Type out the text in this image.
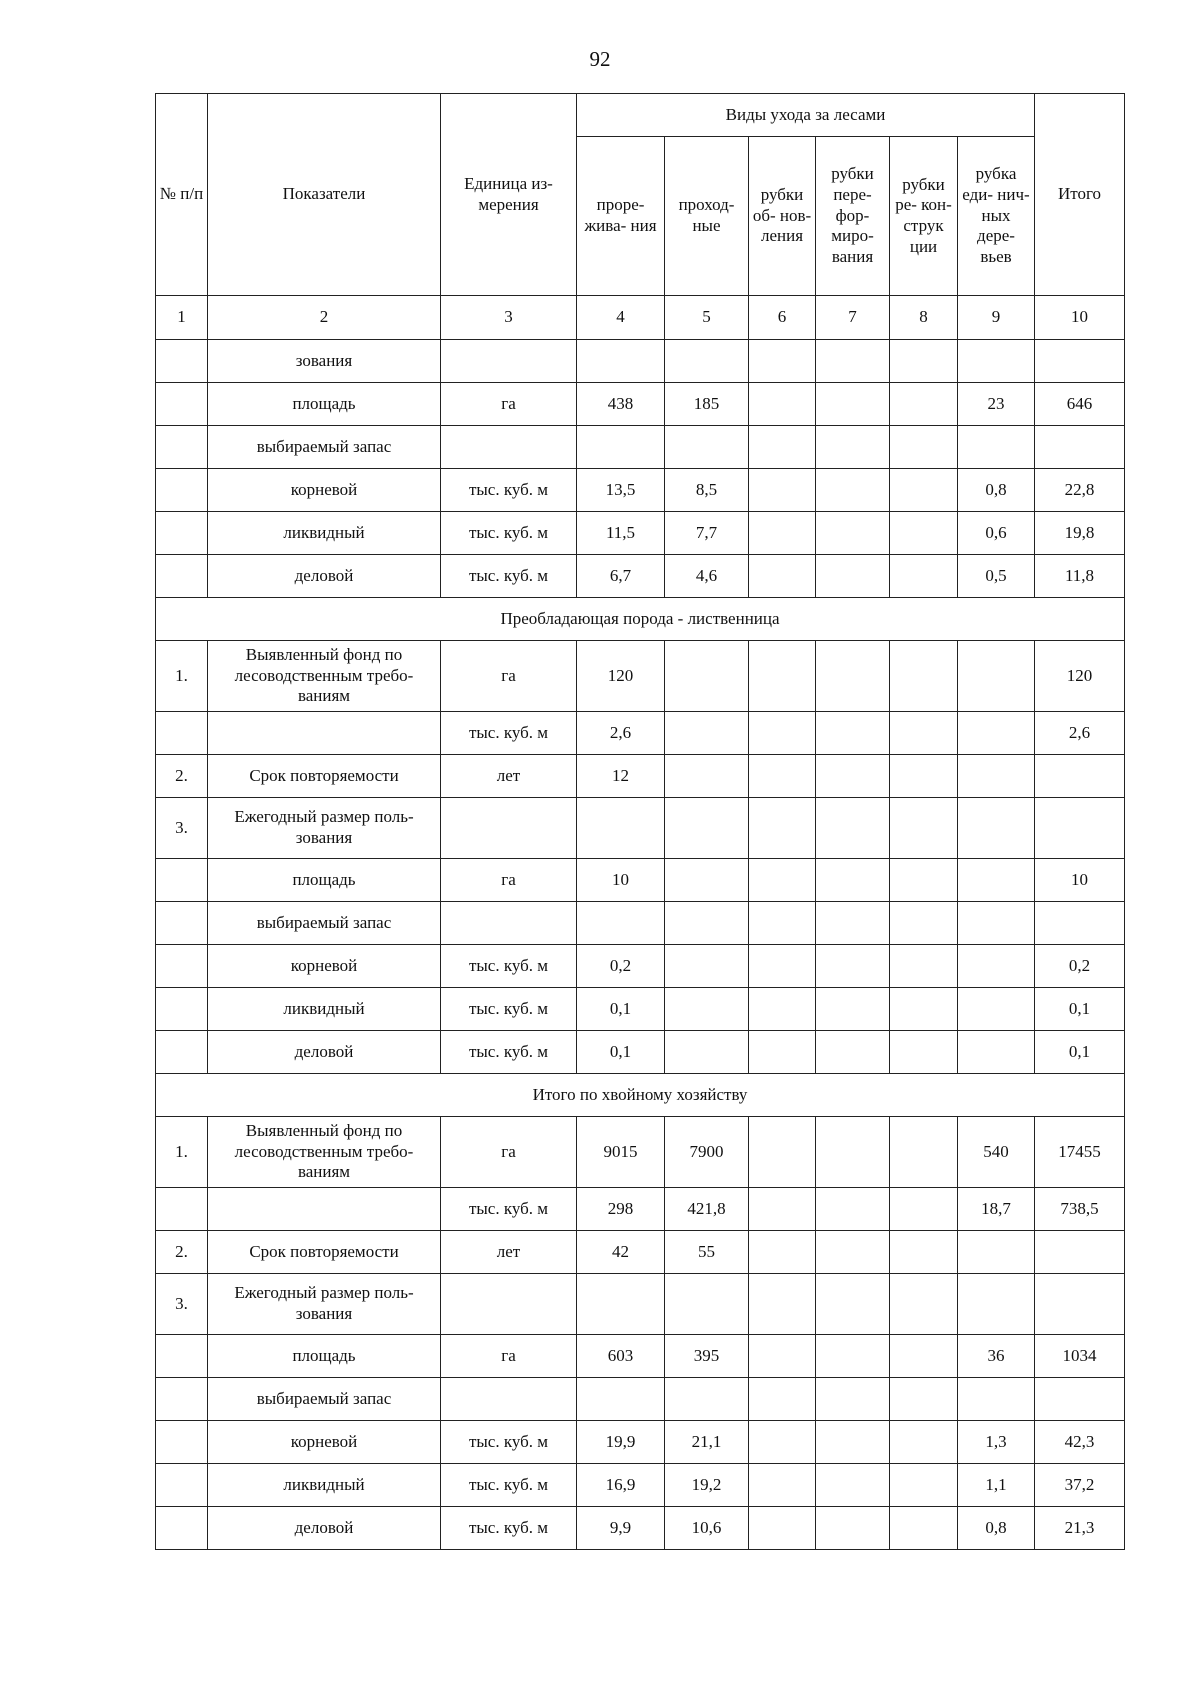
92
№ п/п	Показатели	Единица из- мерения	Виды ухода за лесами						Итого
			проре- жива- ния	проход- ные	рубки об- нов- ления	рубки пере- фор- миро- вания	рубки ре- кон- струк ции	рубка еди- нич- ных дере- вьев	
1	2	3	4	5	6	7	8	9	10
	зования								
	площадь	га	438	185				23	646
	выбираемый запас								
	корневой	тыс. куб. м	13,5	8,5				0,8	22,8
	ликвидный	тыс. куб. м	11,5	7,7				0,6	19,8
	деловой	тыс. куб. м	6,7	4,6				0,5	11,8
Преобладающая порода - лиственница									
1.	Выявленный фонд по лесоводственным требо- ваниям	га	120						120
		тыс. куб. м	2,6						2,6
2.	Срок повторяемости	лет	12						
3.	Ежегодный размер поль- зования								
	площадь	га	10						10
	выбираемый запас								
	корневой	тыс. куб. м	0,2						0,2
	ликвидный	тыс. куб. м	0,1						0,1
	деловой	тыс. куб. м	0,1						0,1
Итого по хвойному хозяйству									
1.	Выявленный фонд по лесоводственным требо- ваниям	га	9015	7900				540	17455
		тыс. куб. м	298	421,8				18,7	738,5
2.	Срок повторяемости	лет	42	55					
3.	Ежегодный размер поль- зования								
	площадь	га	603	395				36	1034
	выбираемый запас								
	корневой	тыс. куб. м	19,9	21,1				1,3	42,3
	ликвидный	тыс. куб. м	16,9	19,2				1,1	37,2
	деловой	тыс. куб. м	9,9	10,6				0,8	21,3
